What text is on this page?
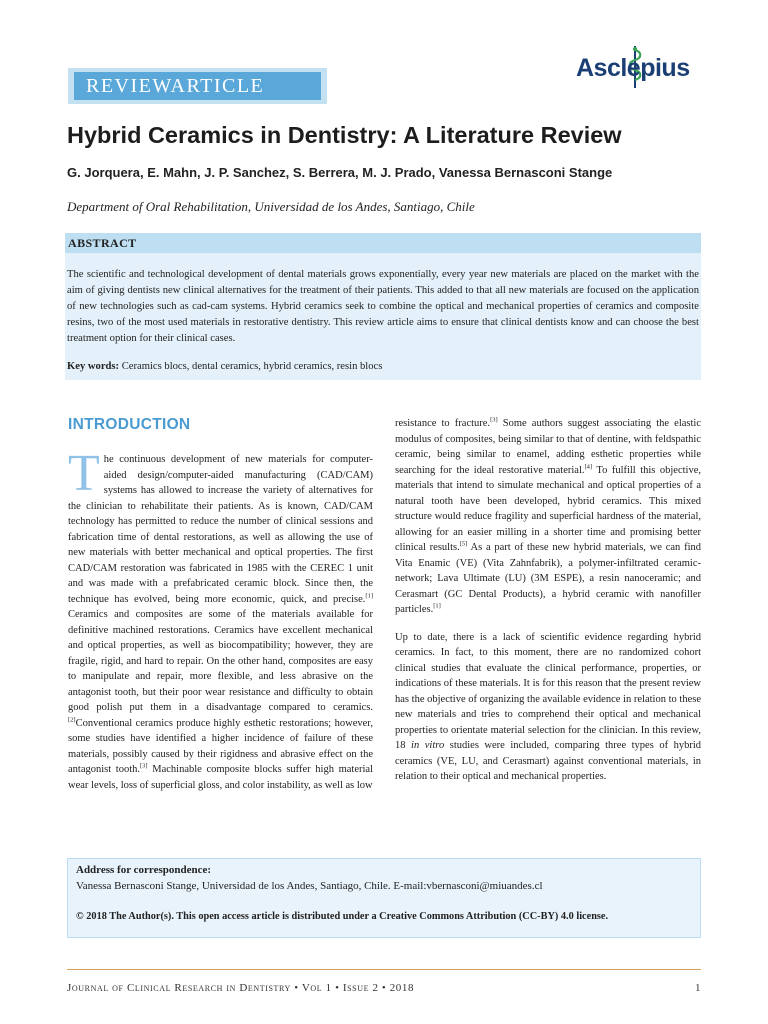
REVIEWARTICLE
Asclepius
Hybrid Ceramics in Dentistry: A Literature Review
G. Jorquera, E. Mahn, J. P. Sanchez, S. Berrera, M. J. Prado, Vanessa Bernasconi Stange
Department of Oral Rehabilitation, Universidad de los Andes, Santiago, Chile
ABSTRACT
The scientific and technological development of dental materials grows exponentially, every year new materials are placed on the market with the aim of giving dentists new clinical alternatives for the treatment of their patients. This added to that all new materials are focused on the application of new technologies such as cad-cam systems. Hybrid ceramics seek to combine the optical and mechanical properties of ceramics and composite resins, two of the most used materials in restorative dentistry. This review article aims to ensure that clinical dentists know and can choose the best treatment option for their clinical cases.
Key words: Ceramics blocs, dental ceramics, hybrid ceramics, resin blocs
INTRODUCTION

The continuous development of new materials for computer-aided design/computer-aided manufacturing (CAD/CAM) systems has allowed to increase the variety of alternatives for the clinician to rehabilitate their patients. As is known, CAD/CAM technology has permitted to reduce the number of clinical sessions and fabrication time of dental restorations, as well as allowing the use of new materials with better mechanical and optical properties. The first CAD/CAM restoration was fabricated in 1985 with the CEREC 1 unit and was made with a prefabricated ceramic block. Since then, the technique has evolved, being more economic, quick, and precise.[1] Ceramics and composites are some of the materials available for definitive machined restorations. Ceramics have excellent mechanical and optical properties, as well as biocompatibility; however, they are fragile, rigid, and hard to repair. On the other hand, composites are easy to manipulate and repair, more flexible, and less abrasive on the antagonist tooth, but their poor wear resistance and difficulty to obtain good polish put them in a disadvantage compared to ceramics.[2]Conventional ceramics produce highly esthetic restorations; however, some studies have identified a higher incidence of failure of these materials, possibly caused by their rigidness and abrasive effect on the antagonist tooth.[3] Machinable composite blocks suffer high material wear levels, loss of superficial gloss, and color instability, as well as low

resistance to fracture.[3] Some authors suggest associating the elastic modulus of composites, being similar to that of dentine, with feldspathic ceramic, being similar to enamel, adding esthetic properties while searching for the ideal restorative material.[4] To fulfill this objective, materials that intend to simulate mechanical and optical properties of a natural tooth have been developed, hybrid ceramics. This mixed structure would reduce fragility and superficial hardness of the material, allowing for an easier milling in a shorter time and promising better clinical results.[5] As a part of these new hybrid materials, we can find Vita Enamic (VE) (Vita Zahnfabrik), a polymer-infiltrated ceramic-network; Lava Ultimate (LU) (3M ESPE), a resin nanoceramic; and Cerasmart (GC Dental Products), a hybrid ceramic with nanofiller particles.[1]

Up to date, there is a lack of scientific evidence regarding hybrid ceramics. In fact, to this moment, there are no randomized cohort clinical studies that evaluate the clinical performance, properties, or indications of these materials. It is for this reason that the present review has the objective of organizing the available evidence in relation to these new materials and tries to comprehend their optical and mechanical properties to orientate material selection for the clinician. In this review, 18 in vitro studies were included, comparing three types of hybrid ceramics (VE, LU, and Cerasmart) against conventional materials, in relation to their optical and mechanical properties.

Address for correspondence:
Vanessa Bernasconi Stange, Universidad de los Andes, Santiago, Chile. E-mail:vbernasconi@miuandes.cl
© 2018 The Author(s). This open access article is distributed under a Creative Commons Attribution (CC-BY) 4.0 license.
Journal of Clinical Research in Dentistry • Vol 1 • Issue 2 • 2018	1
